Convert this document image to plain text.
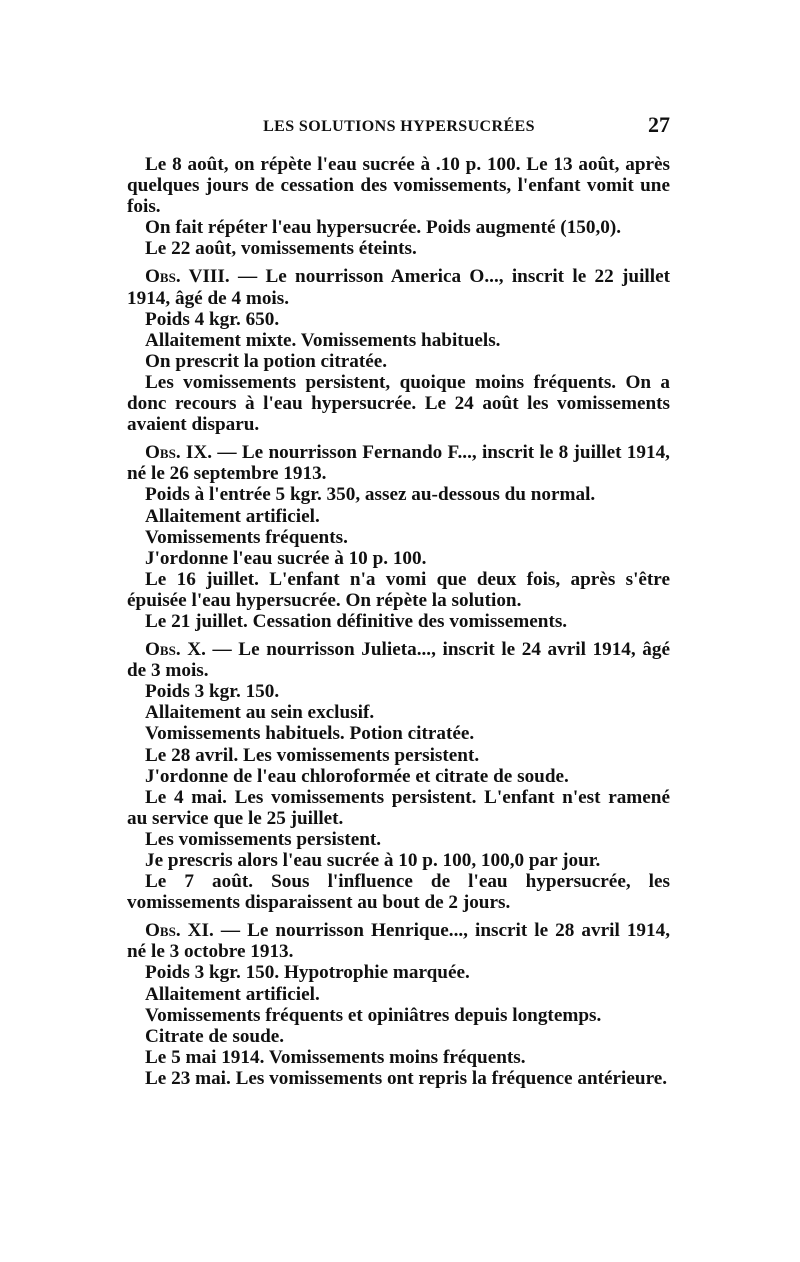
LES SOLUTIONS HYPERSUCRÉES	27

Le 8 août, on répète l'eau sucrée à .10 p. 100. Le 13 août, après quelques jours de cessation des vomissements, l'enfant vomit une fois.

On fait répéter l'eau hypersucrée. Poids augmenté (150,0).

Le 22 août, vomissements éteints.

Obs. VIII. — Le nourrisson America O..., inscrit le 22 juillet 1914, âgé de 4 mois.

Poids 4 kgr. 650.

Allaitement mixte. Vomissements habituels.

On prescrit la potion citratée.

Les vomissements persistent, quoique moins fréquents. On a donc recours à l'eau hypersucrée. Le 24 août les vomissements avaient disparu.

Obs. IX. — Le nourrisson Fernando F..., inscrit le 8 juillet 1914, né le 26 septembre 1913.

Poids à l'entrée 5 kgr. 350, assez au-dessous du normal.

Allaitement artificiel.

Vomissements fréquents.

J'ordonne l'eau sucrée à 10 p. 100.

Le 16 juillet. L'enfant n'a vomi que deux fois, après s'être épuisée l'eau hypersucrée. On répète la solution.

Le 21 juillet. Cessation définitive des vomissements.

Obs. X. — Le nourrisson Julieta..., inscrit le 24 avril 1914, âgé de 3 mois.

Poids 3 kgr. 150.

Allaitement au sein exclusif.

Vomissements habituels. Potion citratée.

Le 28 avril. Les vomissements persistent.

J'ordonne de l'eau chloroformée et citrate de soude.

Le 4 mai. Les vomissements persistent. L'enfant n'est ramené au service que le 25 juillet.

Les vomissements persistent.

Je prescris alors l'eau sucrée à 10 p. 100, 100,0 par jour.

Le 7 août. Sous l'influence de l'eau hypersucrée, les vomissements disparaissent au bout de 2 jours.

Obs. XI. — Le nourrisson Henrique..., inscrit le 28 avril 1914, né le 3 octobre 1913.

Poids 3 kgr. 150. Hypotrophie marquée.

Allaitement artificiel.

Vomissements fréquents et opiniâtres depuis longtemps.

Citrate de soude.

Le 5 mai 1914. Vomissements moins fréquents.

Le 23 mai. Les vomissements ont repris la fréquence antérieure.
